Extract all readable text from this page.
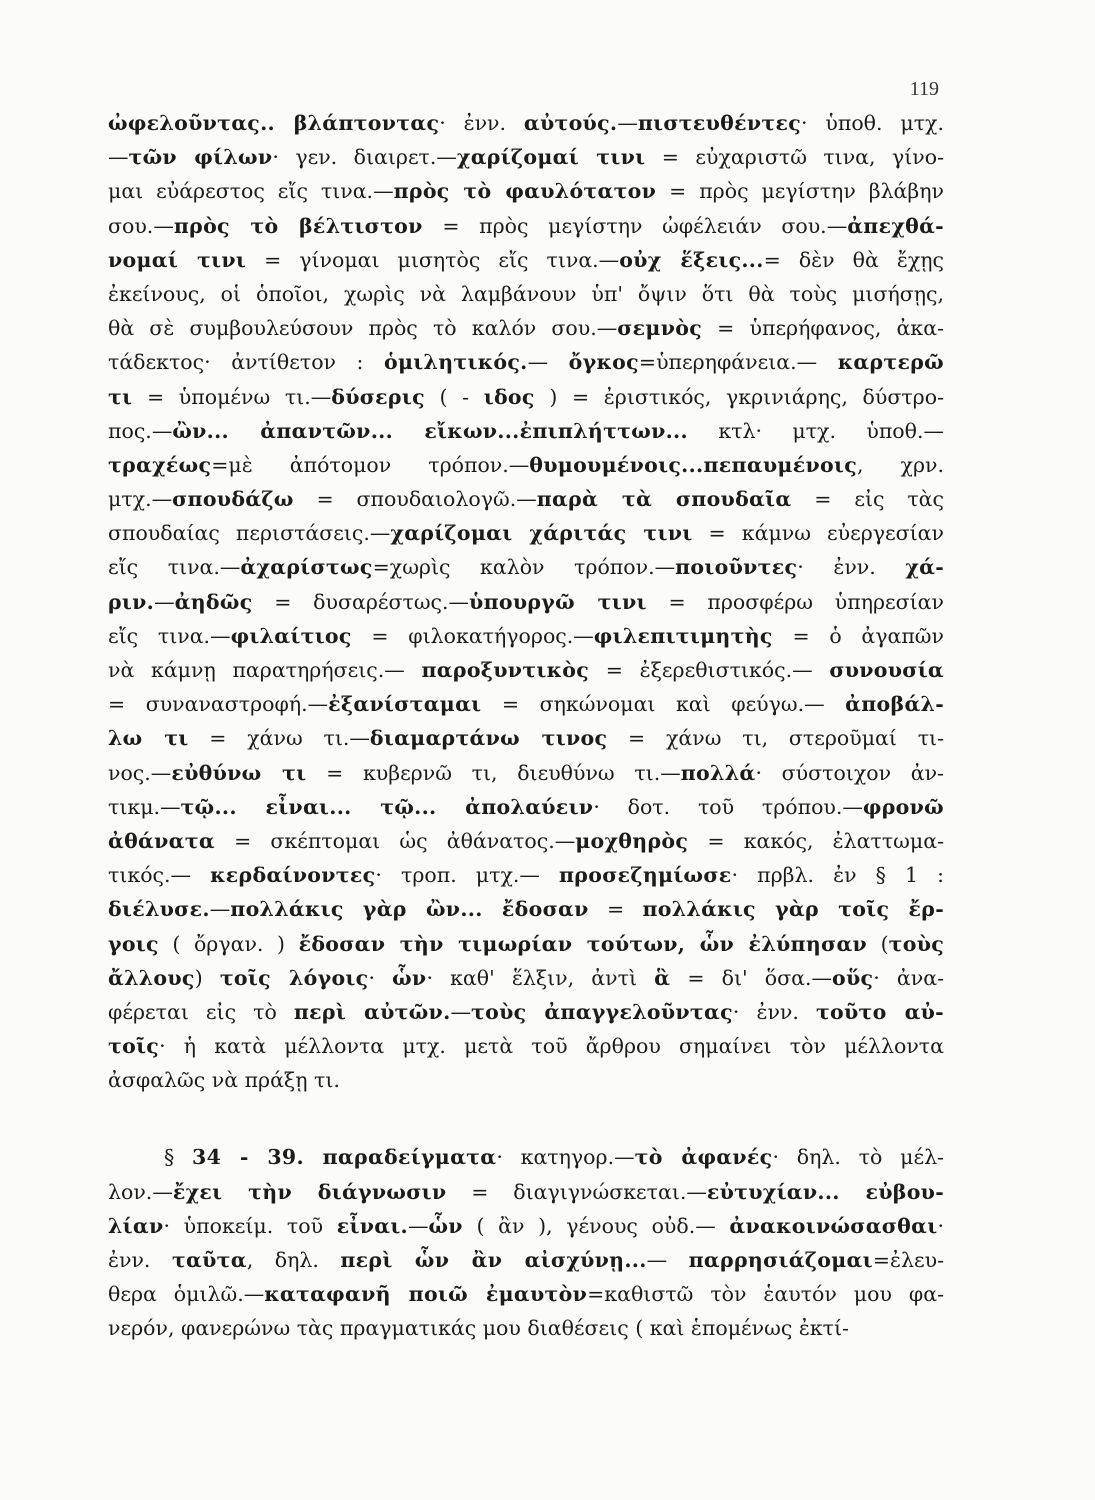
119
ὠφελοῦντας.. βλάπτοντας· ἐνν. αὐτούς.—πιστευθέντες· ὑποθ. μτχ.
—τῶν φίλων· γεν. διαιρετ.—χαρίζομαί τινι = εὐχαριστῶ τινα, γίνο-
μαι εὐάρεστος εἴς τινα.—πρὸς τὸ φαυλότατον = πρὸς μεγίστην βλάβην
σου.—πρὸς τὸ βέλτιστον = πρὸς μεγίστην ὠφέλειάν σου.—ἀπεχθά-
νομαί τινι = γίνομαι μισητὸς εἴς τινα.—οὐχ ἕξεις...= δὲν θὰ ἔχῃς
ἐκείνους, οἱ ὁποῖοι, χωρὶς νὰ λαμβάνουν ὑπ' ὄψιν ὅτι θὰ τοὺς μισήσῃς,
θὰ σὲ συμβουλεύσουν πρὸς τὸ καλόν σου.—σεμνὸς = ὑπερήφανος, ἀκα-
τάδεκτος· ἀντίθετον : ὁμιλητικός.— ὄγκος=ὑπερηφάνεια.— καρτερῶ
τι = ὑπομένω τι.—δύσερις ( - ιδος ) = ἐριστικός, γκρινιάρης, δύστρο-
πος.—ὢν... ἀπαντῶν... εἴκων...ἐπιπλήττων... κτλ· μτχ. ὑποθ.—
τραχέως=μὲ ἀπότομον τρόπον.—θυμουμένοις...πεπαυμένοις, χρν.
μτχ.—σπουδάζω = σπουδαιολογῶ.—παρὰ τὰ σπουδαῖα = εἰς τὰς
σπουδαίας περιστάσεις.—χαρίζομαι χάριτάς τινι = κάμνω εὐεργεσίαν
εἴς τινα.—ἀχαρίστως=χωρὶς καλὸν τρόπον.—ποιοῦντες· ἐνν. χά-
ριν.—ἀηδῶς = δυσαρέστως.—ὑπουργῶ τινι = προσφέρω ὑπηρεσίαν
εἴς τινα.—φιλαίτιος = φιλοκατήγορος.—φιλεπιτιμητὴς = ὁ ἀγαπῶν
νὰ κάμνῃ παρατηρήσεις.— παροξυντικὸς = ἐξερεθιστικός.— συνουσία
= συναναστροφή.—ἐξανίσταμαι = σηκώνομαι καὶ φεύγω.— ἀποβάλ-
λω τι = χάνω τι.—διαμαρτάνω τινος = χάνω τι, στεροῦμαί τι-
νος.—εὐθύνω τι = κυβερνῶ τι, διευθύνω τι.—πολλά· σύστοιχον ἀν-
τικμ.—τῷ... εἶναι... τῷ... ἀπολαύειν· δοτ. τοῦ τρόπου.—φρονῶ
ἀθάνατα = σκέπτομαι ὡς ἀθάνατος.—μοχθηρὸς = κακός, ἐλαττωμα-
τικός.— κερδαίνοντες· τροπ. μτχ.— προσεζημίωσε· πρβλ. ἐν § 1 :
διέλυσε.—πολλάκις γὰρ ὢν... ἔδοσαν = πολλάκις γὰρ τοῖς ἔρ-
γοις ( ὄργαν. ) ἔδοσαν τὴν τιμωρίαν τούτων, ὧν ἐλύπησαν (τοὺς
ἄλλους) τοῖς λόγοις· ὧν· καθ' ἕλξιν, ἀντὶ ἃ = δι' ὅσα.—οὕς· ἀνα-
φέρεται εἰς τὸ περὶ αὐτῶν.—τοὺς ἀπαγγελοῦντας· ἐνν. τοῦτο αὐ-
τοῖς· ἡ κατὰ μέλλοντα μτχ. μετὰ τοῦ ἄρθρου σημαίνει τὸν μέλλοντα
ἀσφαλῶς νὰ πράξῃ τι.
§ 34 - 39. παραδείγματα· κατηγορ.—τὸ ἀφανές· δηλ. τὸ μέλ-
λον.—ἔχει τὴν διάγνωσιν = διαγιγνώσκεται.—εὐτυχίαν... εὐβου-
λίαν· ὑποκείμ. τοῦ εἶναι.—ὧν ( ἂν ), γένους οὐδ.— ἀνακοινώσασθαι·
ἐνν. ταῦτα, δηλ. περὶ ὧν ἂν αἰσχύνῃ...— παρρησιάζομαι=ἐλευ-
θερα ὁμιλῶ.—καταφανῆ ποιῶ ἐμαυτὸν=καθιστῶ τὸν ἑαυτόν μου φα-
νερόν, φανερώνω τὰς πραγματικάς μου διαθέσεις ( καὶ ἑπομένως ἐκτί-
